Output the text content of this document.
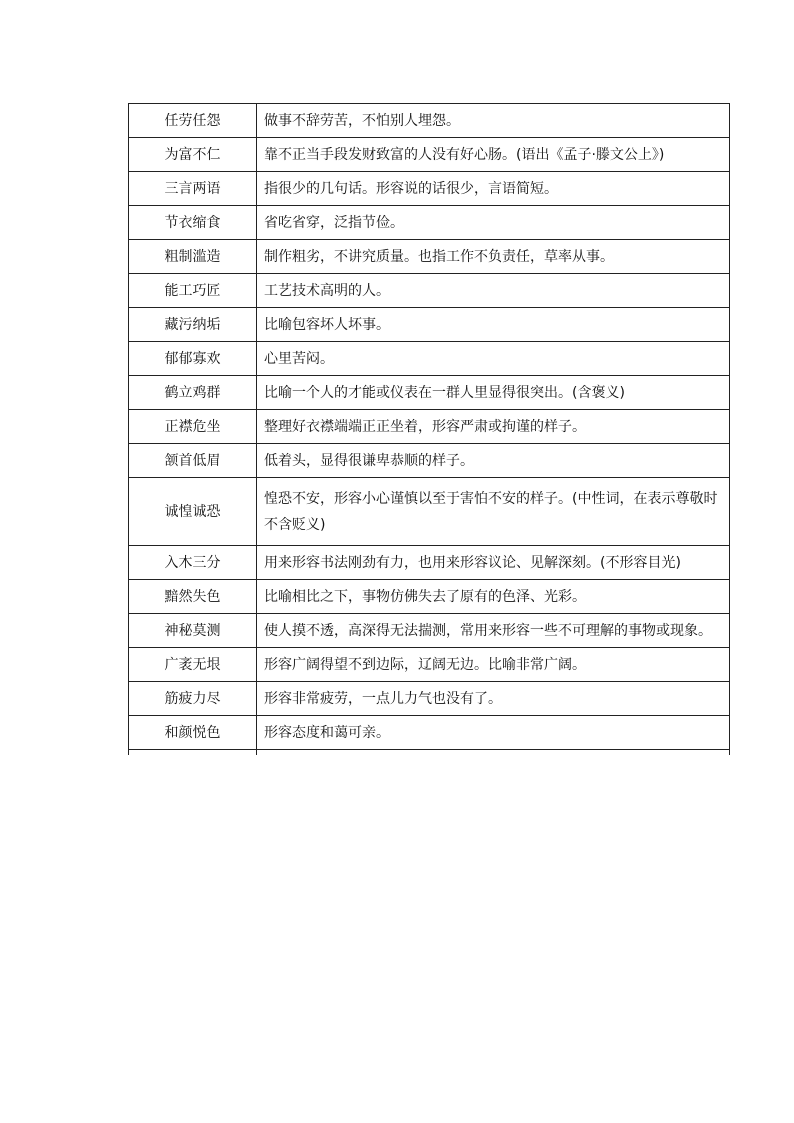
任劳任怨	做事不辞劳苦，不怕别人埋怨。
为富不仁	靠不正当手段发财致富的人没有好心肠。(语出《孟子·滕文公上》)
三言两语	指很少的几句话。形容说的话很少，言语简短。
节衣缩食	省吃省穿，泛指节俭。
粗制滥造	制作粗劣，不讲究质量。也指工作不负责任，草率从事。
能工巧匠	工艺技术高明的人。
藏污纳垢	比喻包容坏人坏事。
郁郁寡欢	心里苦闷。
鹤立鸡群	比喻一个人的才能或仪表在一群人里显得很突出。(含褒义)
正襟危坐	整理好衣襟端端正正坐着，形容严肃或拘谨的样子。
颔首低眉	低着头，显得很谦卑恭顺的样子。
诚惶诚恐	惶恐不安，形容小心谨慎以至于害怕不安的样子。(中性词，在表示尊敬时不含贬义)
入木三分	用来形容书法刚劲有力，也用来形容议论、见解深刻。(不形容目光)
黯然失色	比喻相比之下，事物仿佛失去了原有的色泽、光彩。
神秘莫测	使人摸不透，高深得无法揣测，常用来形容一些不可理解的事物或现象。
广袤无垠	形容广阔得望不到边际，辽阔无边。比喻非常广阔。
筋疲力尽	形容非常疲劳，一点儿力气也没有了。
和颜悦色	形容态度和蔼可亲。
